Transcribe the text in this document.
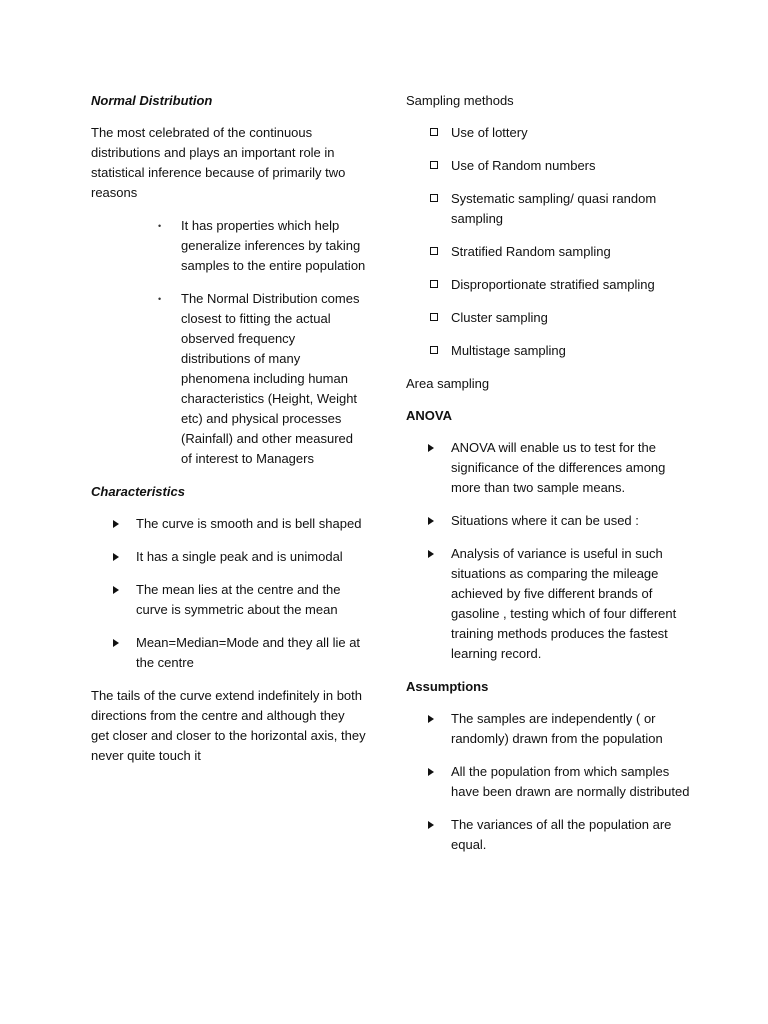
Normal Distribution
The most celebrated of the continuous distributions and plays an important role in statistical inference because of primarily two reasons
• It has properties which help generalize inferences by taking samples to the entire population
• The Normal Distribution comes closest to fitting the actual observed frequency distributions of many phenomena including human characteristics (Height, Weight etc) and physical processes (Rainfall) and other measured of interest to Managers
Characteristics
The curve is smooth and is bell shaped
It has a single peak and is unimodal
The mean lies at the centre and the curve is symmetric about the mean
Mean=Median=Mode and they all lie at the centre
The tails of the curve extend indefinitely in both directions from the centre and although they get closer and closer to the horizontal axis, they never quite touch it
Sampling methods
Use of lottery
Use of Random numbers
Systematic sampling/ quasi random sampling
Stratified Random sampling
Disproportionate stratified sampling
Cluster sampling
Multistage sampling
Area sampling
ANOVA
ANOVA will enable us to test for the significance of the differences among more than two sample means.
Situations where it can be used :
Analysis of variance is useful in such situations as comparing the mileage achieved by five different brands of gasoline , testing which of four different training methods produces the fastest learning record.
Assumptions
The samples are independently ( or randomly) drawn from the population
All the population from which samples have been drawn are normally distributed
The variances of all the population are equal.
